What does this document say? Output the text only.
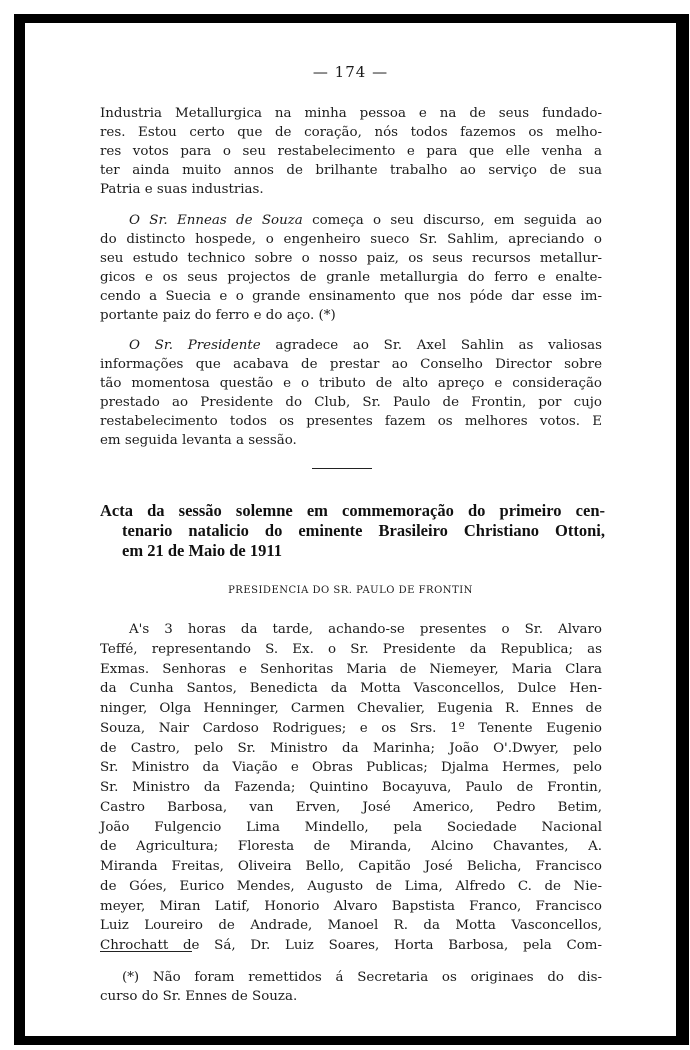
— 174 —
Industria Metallurgica na minha pessoa e na de seus fundado-
res. Estou certo que de coração, nós todos fazemos os melho-
res votos para o seu restabelecimento e para que elle venha a
ter ainda muito annos de brilhante trabalho ao serviço de sua
Patria e suas industrias.
O Sr. Enneas de Souza começa o seu discurso, em seguida ao
do distincto hospede, o engenheiro sueco Sr. Sahlim, apreciando o
seu estudo technico sobre o nosso paiz, os seus recursos metallur-
gicos e os seus projectos de granle metallurgia do ferro e enalte-
cendo a Suecia e o grande ensinamento que nos póde dar esse im-
portante paiz do ferro e do aço. (*)
O Sr. Presidente agradece ao Sr. Axel Sahlin as valiosas
informações que acabava de prestar ao Conselho Director sobre
tão momentosa questão e o tributo de alto apreço e consideração
prestado ao Presidente do Club, Sr. Paulo de Frontin, por cujo
restabelecimento todos os presentes fazem os melhores votos. E
em seguida levanta a sessão.
Acta da sessão solemne em commemoração do primeiro cen-
tenario natalicio do eminente Brasileiro Christiano Ottoni,
em 21 de Maio de 1911
PRESIDENCIA DO SR. PAULO DE FRONTIN
A's 3 horas da tarde, achando-se presentes o Sr. Alvaro
Teffé, representando S. Ex. o Sr. Presidente da Republica; as
Exmas. Senhoras e Senhoritas Maria de Niemeyer, Maria Clara
da Cunha Santos, Benedicta da Motta Vasconcellos, Dulce Hen-
ninger, Olga Henninger, Carmen Chevalier, Eugenia R. Ennes de
Souza, Nair Cardoso Rodrigues; e os Srs. 1º Tenente Eugenio
de Castro, pelo Sr. Ministro da Marinha; João O'.Dwyer, pelo
Sr. Ministro da Viação e Obras Publicas; Djalma Hermes, pelo
Sr. Ministro da Fazenda; Quintino Bocayuva, Paulo de Frontin,
Castro Barbosa, van Erven, José Americo, Pedro Betim,
João Fulgencio Lima Mindello, pela Sociedade Nacional
de Agricultura; Floresta de Miranda, Alcino Chavantes, A.
Miranda Freitas, Oliveira Bello, Capitão José Belicha, Francisco
de Góes, Eurico Mendes, Augusto de Lima, Alfredo C. de Nie-
meyer, Miran Latif, Honorio Alvaro Bapstista Franco, Francisco
Luiz Loureiro de Andrade, Manoel R. da Motta Vasconcellos,
Chrochatt de Sá, Dr. Luiz Soares, Horta Barbosa, pela Com-
(*) Não foram remettidos á Secretaria os originaes do dis-
curso do Sr. Ennes de Souza.
